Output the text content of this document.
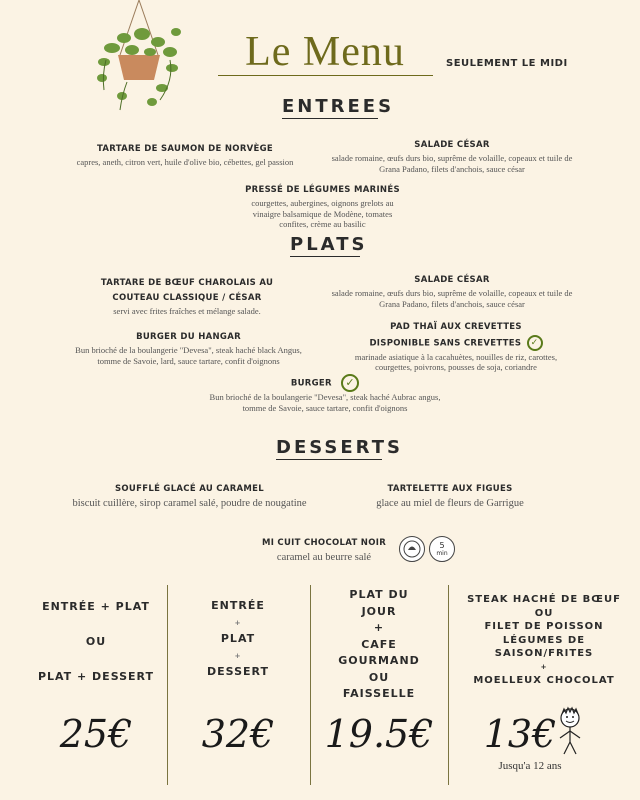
Le Menu	SEULEMENT LE MIDI
ENTREES
TARTARE DE SAUMON DE NORVÈGE
capres, aneth, citron vert, huile d'olive bio, cébettes, gel passion
SALADE CÉSAR
salade romaine, œufs durs bio, suprême de volaille, copeaux et tuile de Grana Padano, filets d'anchois, sauce césar
PRESSÉ DE LÉGUMES MARINÉS
courgettes, aubergines, oignons grelots au vinaigre balsamique de Modène, tomates confites, crème au basilic
PLATS
TARTARE DE BŒUF CHAROLAIS AU COUTEAU CLASSIQUE / CÉSAR
servi avec frites fraîches et mélange salade.
SALADE CÉSAR
salade romaine, œufs durs bio, suprême de volaille, copeaux et tuile de Grana Padano, filets d'anchois, sauce césar
BURGER DU HANGAR
Bun brioché de la boulangerie "Devesa", steak haché black Angus, tomme de Savoie, lard, sauce tartare, confit d'oignons
PAD THAÏ AUX CREVETTES
DISPONIBLE SANS CREVETTES ✓
marinade asiatique à la cacahuètes, nouilles de riz, carottes, courgettes, poivrons, pousses de soja, coriandre
BURGER ✓
Bun brioché de la boulangerie "Devesa", steak haché Aubrac angus, tomme de Savoie, sauce tartare, confit d'oignons
DESSERTS
SOUFFLÉ GLACÉ AU CARAMEL
biscuit cuillère, sirop caramel salé, poudre de nougatine
TARTELETTE AUX FIGUES
glace au miel de fleurs de Garrigue
MI CUIT CHOCOLAT NOIR
caramel au beurre salé
5
min
ENTRÉE + PLAT
OU
PLAT + DESSERT
25€
ENTRÉE
+
PLAT
+
DESSERT
32€
PLAT DU
JOUR
+
CAFE
GOURMAND
OU
FAISSELLE
19.5€
STEAK HACHÉ DE BŒUF
OU
FILET DE POISSON
LÉGUMES DE
SAISON/FRITES
+
MOELLEUX CHOCOLAT
13€
Jusqu'a 12 ans
